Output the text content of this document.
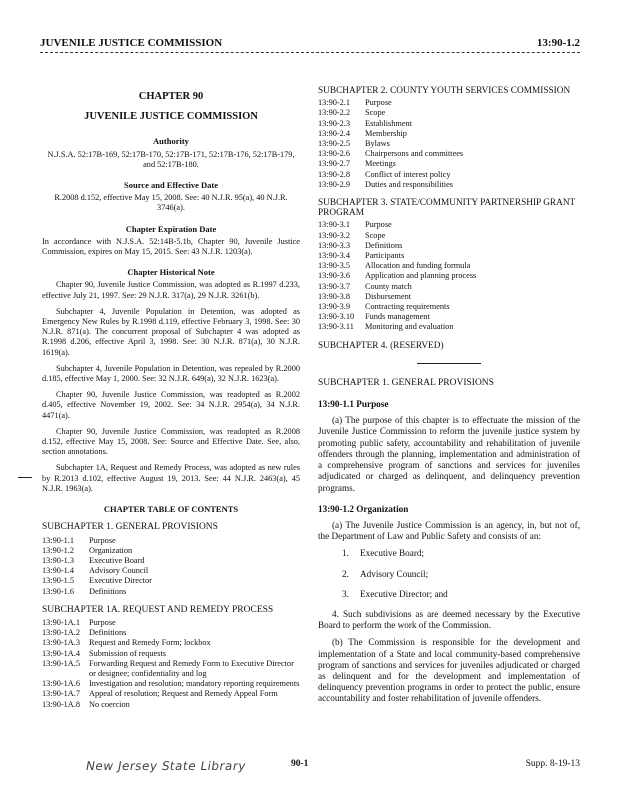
JUVENILE JUSTICE COMMISSION	13:90-1.2
CHAPTER 90
JUVENILE JUSTICE COMMISSION
Authority

N.J.S.A. 52:17B-169, 52:17B-170, 52:17B-171, 52:17B-176, 52:17B-179, and 52:17B-180.

Source and Effective Date

R.2008 d.152, effective May 15, 2008. See: 40 N.J.R. 95(a), 40 N.J.R. 3746(a).

Chapter Expiration Date

In accordance with N.J.S.A. 52:14B-5.1b, Chapter 90, Juvenile Justice Commission, expires on May 15, 2015. See: 43 N.J.R. 1203(a).

Chapter Historical Note

Chapter 90, Juvenile Justice Commission, was adopted as R.1997 d.233, effective July 21, 1997. See: 29 N.J.R. 317(a), 29 N.J.R. 3261(b).

Subchapter 4, Juvenile Population in Detention, was adopted as Emergency New Rules by R.1998 d.119, effective February 3, 1998. See: 30 N.J.R. 871(a). The concurrent proposal of Subchapter 4 was adopted as R.1998 d.206, effective April 3, 1998. See: 30 N.J.R. 871(a), 30 N.J.R. 1619(a).

Subchapter 4, Juvenile Population in Detention, was repealed by R.2000 d.185, effective May 1, 2000. See: 32 N.J.R. 649(a), 32 N.J.R. 1623(a).

Chapter 90, Juvenile Justice Commission, was readopted as R.2002 d.405, effective November 19, 2002. See: 34 N.J.R. 2954(a), 34 N.J.R. 4471(a).

Chapter 90, Juvenile Justice Commission, was readopted as R.2008 d.152, effective May 15, 2008. See: Source and Effective Date. See, also, section annotations.

Subchapter 1A, Request and Remedy Process, was adopted as new rules by R.2013 d.102, effective August 19, 2013. See: 44 N.J.R. 2463(a), 45 N.J.R. 1963(a).

CHAPTER TABLE OF CONTENTS
SUBCHAPTER 1. GENERAL PROVISIONS
13:90-1.1	Purpose
13:90-1.2	Organization
13:90-1.3	Executive Board
13:90-1.4	Advisory Council
13:90-1.5	Executive Director
13:90-1.6	Definitions
SUBCHAPTER 1A. REQUEST AND REMEDY PROCESS
13:90-1A.1	Purpose
13:90-1A.2	Definitions
13:90-1A.3	Request and Remedy Form; lockbox
13:90-1A.4	Submission of requests
13:90-1A.5	Forwarding Request and Remedy Form to Executive Director or designee; confidentiality and log
13:90-1A.6	Investigation and resolution; mandatory reporting requirements
13:90-1A.7	Appeal of resolution; Request and Remedy Appeal Form
13:90-1A.8	No coercion
SUBCHAPTER 2. COUNTY YOUTH SERVICES COMMISSION
13:90-2.1	Purpose
13:90-2.2	Scope
13:90-2.3	Establishment
13:90-2.4	Membership
13:90-2.5	Bylaws
13:90-2.6	Chairpersons and committees
13:90-2.7	Meetings
13:90-2.8	Conflict of interest policy
13:90-2.9	Duties and responsibilities
SUBCHAPTER 3. STATE/COMMUNITY PARTNERSHIP GRANT PROGRAM
13:90-3.1	Purpose
13:90-3.2	Scope
13:90-3.3	Definitions
13:90-3.4	Participants
13:90-3.5	Allocation and funding formula
13:90-3.6	Application and planning process
13:90-3.7	County match
13:90-3.8	Disbursement
13:90-3.9	Contracting requirements
13:90-3.10	Funds management
13:90-3.11	Monitoring and evaluation
SUBCHAPTER 4. (RESERVED)
SUBCHAPTER 1. GENERAL PROVISIONS
13:90-1.1 Purpose

(a) The purpose of this chapter is to effectuate the mission of the Juvenile Justice Commission to reform the juvenile justice system by promoting public safety, accountability and rehabilitation of juvenile offenders through the planning, implementation and administration of a comprehensive program of sanctions and services for juveniles adjudicated or charged as delinquent, and delinquency prevention programs.

13:90-1.2 Organization

(a) The Juvenile Justice Commission is an agency, in, but not of, the Department of Law and Public Safety and consists of an:

1. Executive Board;
2. Advisory Council;
3. Executive Director; and

4. Such subdivisions as are deemed necessary by the Executive Board to perform the work of the Commission.

(b) The Commission is responsible for the development and implementation of a State and local community-based comprehensive program of sanctions and services for juveniles adjudicated or charged as delinquent and for the development and implementation of delinquency prevention programs in order to protect the public, ensure accountability and foster rehabilitation of juvenile offenders.

New Jersey State Library	90-1	Supp. 8-19-13
